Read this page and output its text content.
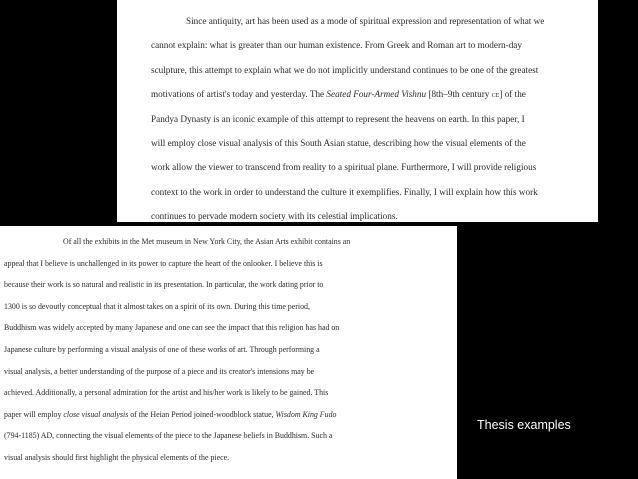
Since antiquity, art has been used as a mode of spiritual expression and representation of what we
cannot explain: what is greater than our human existence. From Greek and Roman art to modern-day
sculpture, this attempt to explain what we do not implicitly understand continues to be one of the greatest
motivations of artist's today and yesterday. The Seated Four-Armed Vishnu [8th–9th century ce] of the
Pandya Dynasty is an iconic example of this attempt to represent the heavens on earth. In this paper, I
will employ close visual analysis of this South Asian statue, describing how the visual elements of the
work allow the viewer to transcend from reality to a spiritual plane. Furthermore, I will provide religious
context to the work in order to understand the culture it exemplifies. Finally, I will explain how this work
continues to pervade modern society with its celestial implications.
Of all the exhibits in the Met museum in New York City, the Asian Arts exhibit contains an
appeal that I believe is unchallenged in its power to capture the heart of the onlooker. I believe this is
because their work is so natural and realistic in its presentation. In particular, the work dating prior to
1300 is so devoutly conceptual that it almost takes on a spirit of its own. During this time period,
Buddhism was widely accepted by many Japanese and one can see the impact that this religion has had on
Japanese culture by performing a visual analysis of one of these works of art. Through performing a
visual analysis, a better understanding of the purpose of a piece and its creator's intensions may be
achieved. Additionally, a personal admiration for the artist and his/her work is likely to be gained. This
paper will employ close visual analysis of the Heian Period joined-woodblock statue, Wisdom King Fudo
(794-1185) AD, connecting the visual elements of the piece to the Japanese beliefs in Buddhism. Such a
visual analysis should first highlight the physical elements of the piece.
Thesis examples
